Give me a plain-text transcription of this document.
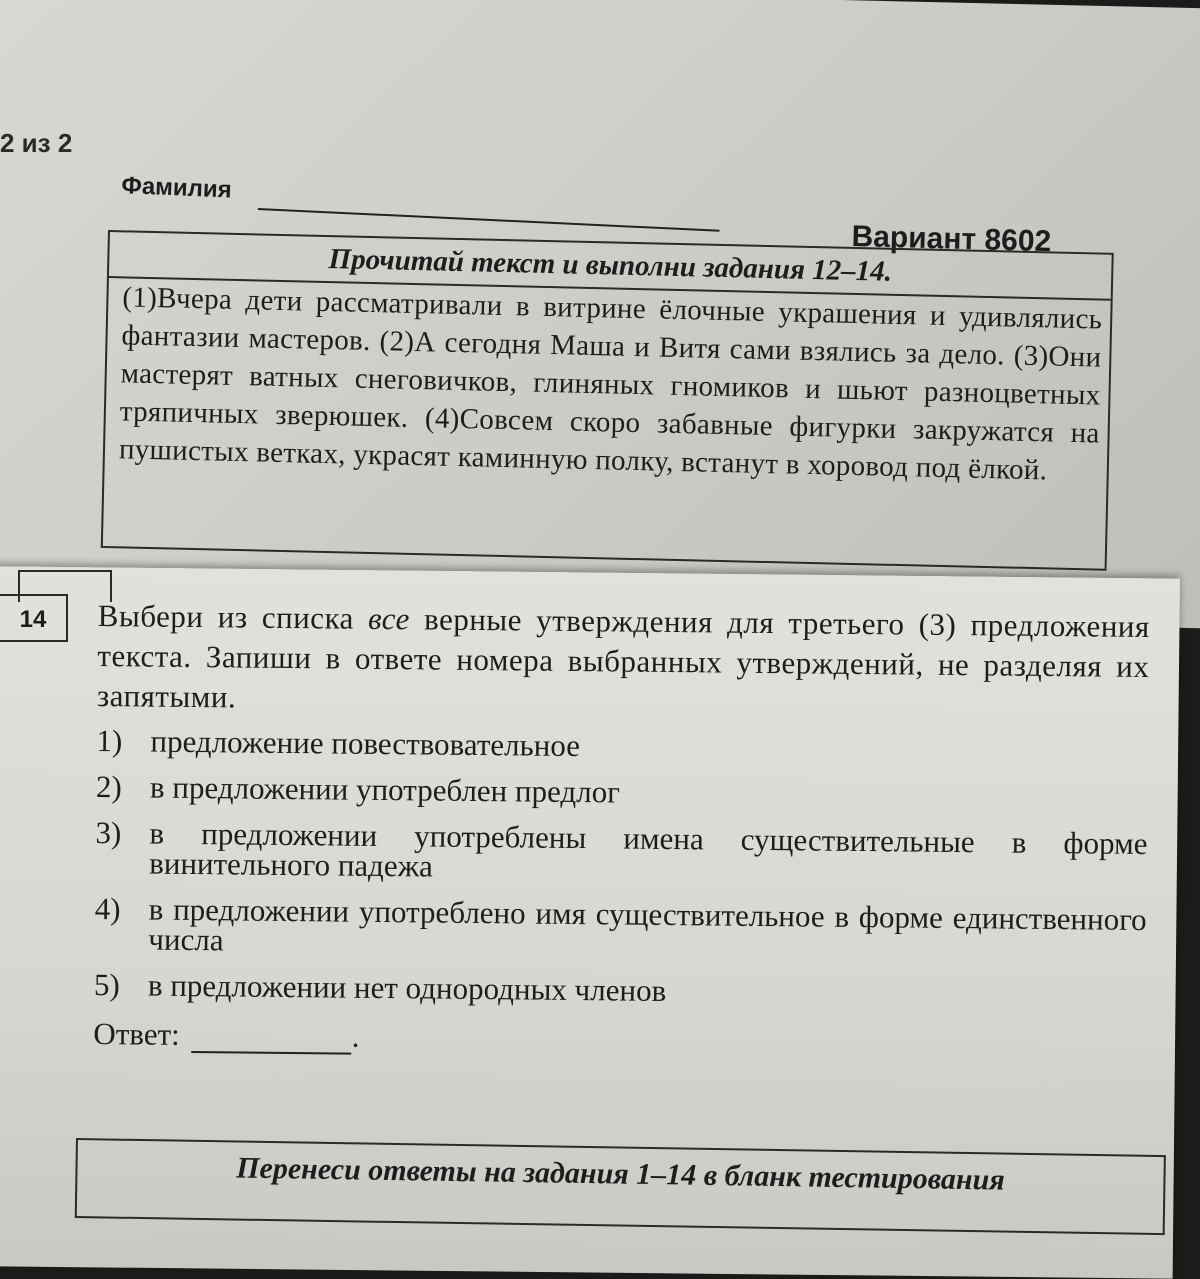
2 из 2
Фамилия
Вариант 8602
Прочитай текст и выполни задания 12–14.
(1)Вчера дети рассматривали в витрине ёлочные украшения и удивлялись фантазии мастеров. (2)А сегодня Маша и Витя сами взялись за дело. (3)Они мастерят ватных снеговичков, глиняных гномиков и шьют разноцветных тряпичных зверюшек. (4)Совсем скоро забавные фигурки закружатся на пушистых ветках, украсят каминную полку, встанут в хоровод под ёлкой.
14	Выбери из списка все верные утверждения для третьего (3) предложения текста. Запиши в ответе номера выбранных утверждений, не разделяя их запятыми.
1) предложение повествовательное
2) в предложении употреблен предлог
3) в предложении употреблены имена существительные в форме винительного падежа
4) в предложении употреблено имя существительное в форме единственного числа
5) в предложении нет однородных членов
Ответ:	.
Перенеси ответы на задания 1–14 в бланк тестирования
